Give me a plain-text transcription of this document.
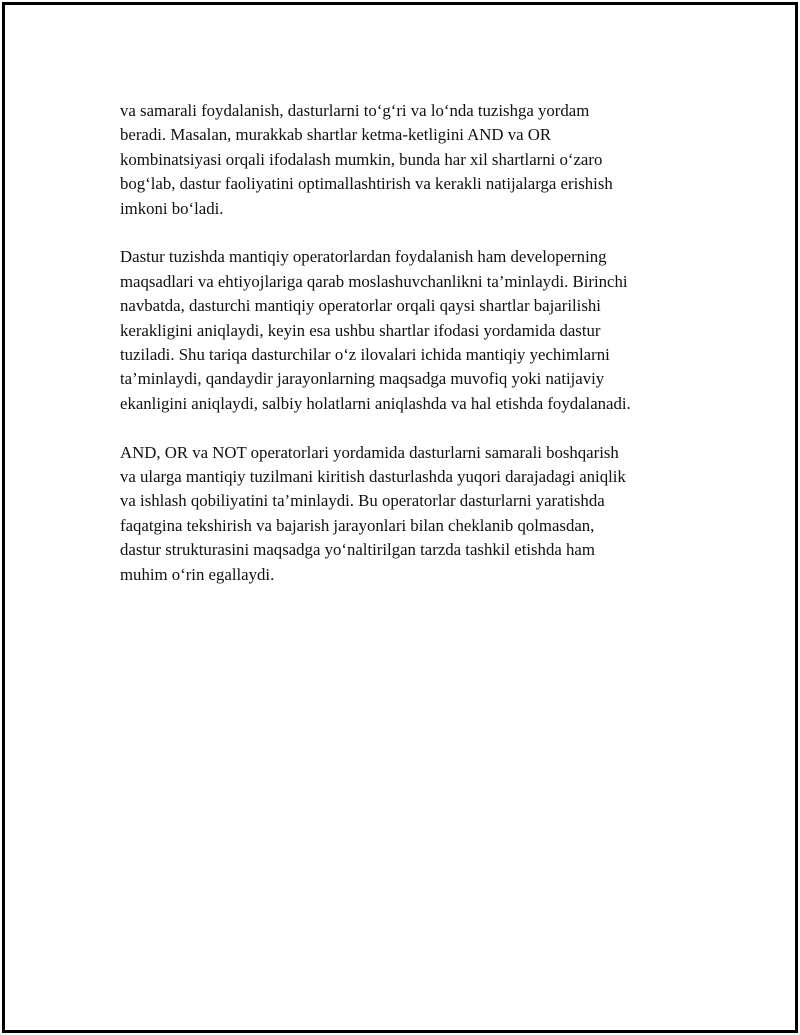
va samarali foydalanish, dasturlarni to‘g‘ri va lo‘nda tuzishga yordam
beradi. Masalan, murakkab shartlar ketma-ketligini AND va OR
kombinatsiyasi orqali ifodalash mumkin, bunda har xil shartlarni o‘zaro
bog‘lab, dastur faoliyatini optimallashtirish va kerakli natijalarga erishish
imkoni bo‘ladi.

Dastur tuzishda mantiqiy operatorlardan foydalanish ham developerning
maqsadlari va ehtiyojlariga qarab moslashuvchanlikni ta’minlaydi. Birinchi
navbatda, dasturchi mantiqiy operatorlar orqali qaysi shartlar bajarilishi
kerakligini aniqlaydi, keyin esa ushbu shartlar ifodasi yordamida dastur
tuziladi. Shu tariqa dasturchilar o‘z ilovalari ichida mantiqiy yechimlarni
ta’minlaydi, qandaydir jarayonlarning maqsadga muvofiq yoki natijaviy
ekanligini aniqlaydi, salbiy holatlarni aniqlashda va hal etishda foydalanadi.

AND, OR va NOT operatorlari yordamida dasturlarni samarali boshqarish
va ularga mantiqiy tuzilmani kiritish dasturlashda yuqori darajadagi aniqlik
va ishlash qobiliyatini ta’minlaydi. Bu operatorlar dasturlarni yaratishda
faqatgina tekshirish va bajarish jarayonlari bilan cheklanib qolmasdan,
dastur strukturasini maqsadga yo‘naltirilgan tarzda tashkil etishda ham
muhim o‘rin egallaydi.
